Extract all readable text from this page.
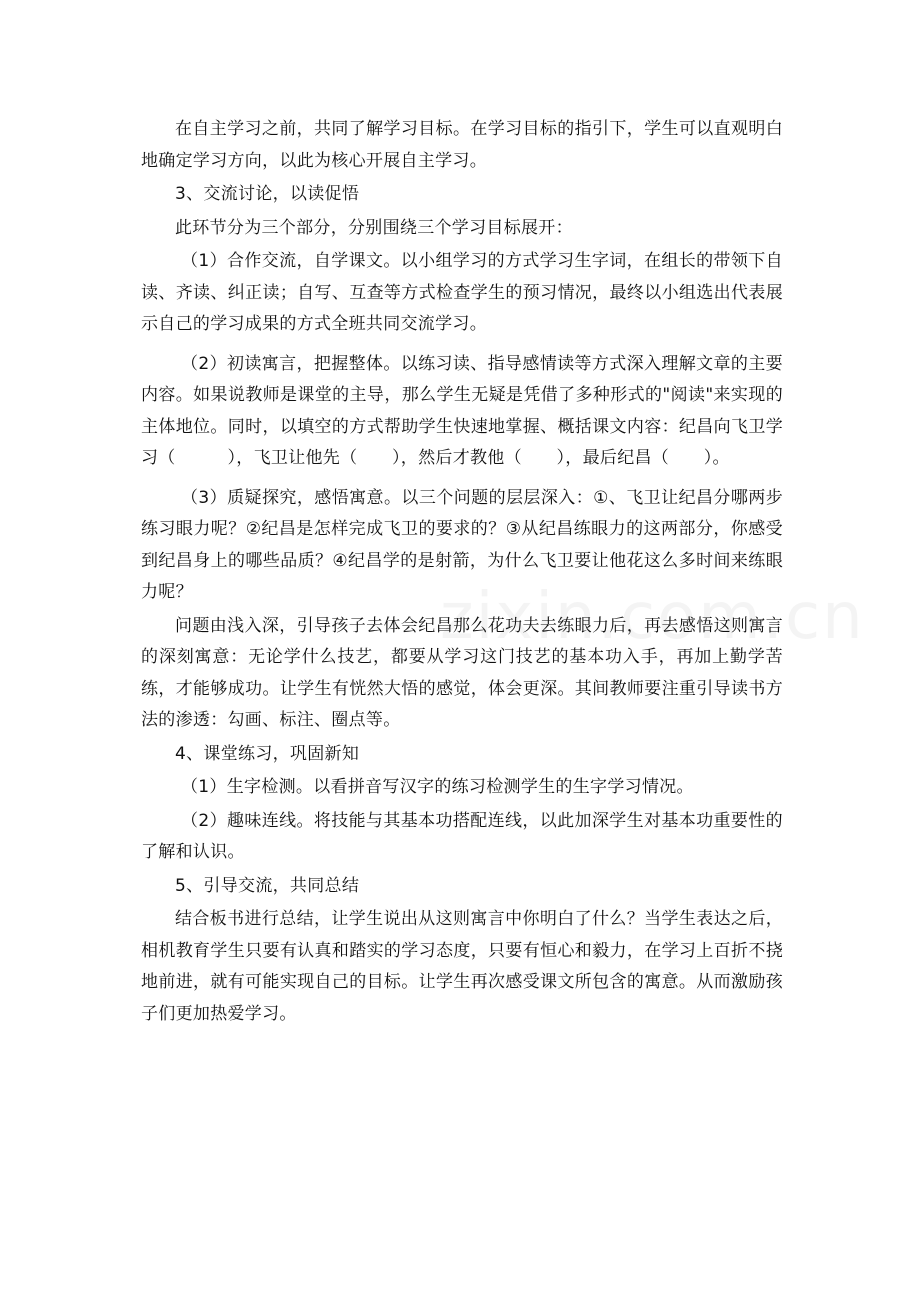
在自主学习之前，共同了解学习目标。在学习目标的指引下，学生可以直观明白地确定学习方向，以此为核心开展自主学习。

3、交流讨论，以读促悟

此环节分为三个部分，分别围绕三个学习目标展开：

（1）合作交流，自学课文。以小组学习的方式学习生字词，在组长的带领下自读、齐读、纠正读；自写、互查等方式检查学生的预习情况，最终以小组选出代表展示自己的学习成果的方式全班共同交流学习。

（2）初读寓言，把握整体。以练习读、指导感情读等方式深入理解文章的主要内容。如果说教师是课堂的主导，那么学生无疑是凭借了多种形式的"阅读"来实现的主体地位。同时，以填空的方式帮助学生快速地掌握、概括课文内容：纪昌向飞卫学习（　　　），飞卫让他先（　　），然后才教他（　　），最后纪昌（　　）。

（3）质疑探究，感悟寓意。以三个问题的层层深入：①、飞卫让纪昌分哪两步练习眼力呢？②纪昌是怎样完成飞卫的要求的？③从纪昌练眼力的这两部分，你感受到纪昌身上的哪些品质？④纪昌学的是射箭，为什么飞卫要让他花这么多时间来练眼力呢？

问题由浅入深，引导孩子去体会纪昌那么花功夫去练眼力后，再去感悟这则寓言的深刻寓意：无论学什么技艺，都要从学习这门技艺的基本功入手，再加上勤学苦练，才能够成功。让学生有恍然大悟的感觉，体会更深。其间教师要注重引导读书方法的渗透：勾画、标注、圈点等。

4、课堂练习，巩固新知

（1）生字检测。以看拼音写汉字的练习检测学生的生字学习情况。

（2）趣味连线。将技能与其基本功搭配连线，以此加深学生对基本功重要性的了解和认识。

5、引导交流，共同总结

结合板书进行总结，让学生说出从这则寓言中你明白了什么？当学生表达之后，相机教育学生只要有认真和踏实的学习态度，只要有恒心和毅力，在学习上百折不挠地前进，就有可能实现自己的目标。让学生再次感受课文所包含的寓意。从而激励孩子们更加热爱学习。
